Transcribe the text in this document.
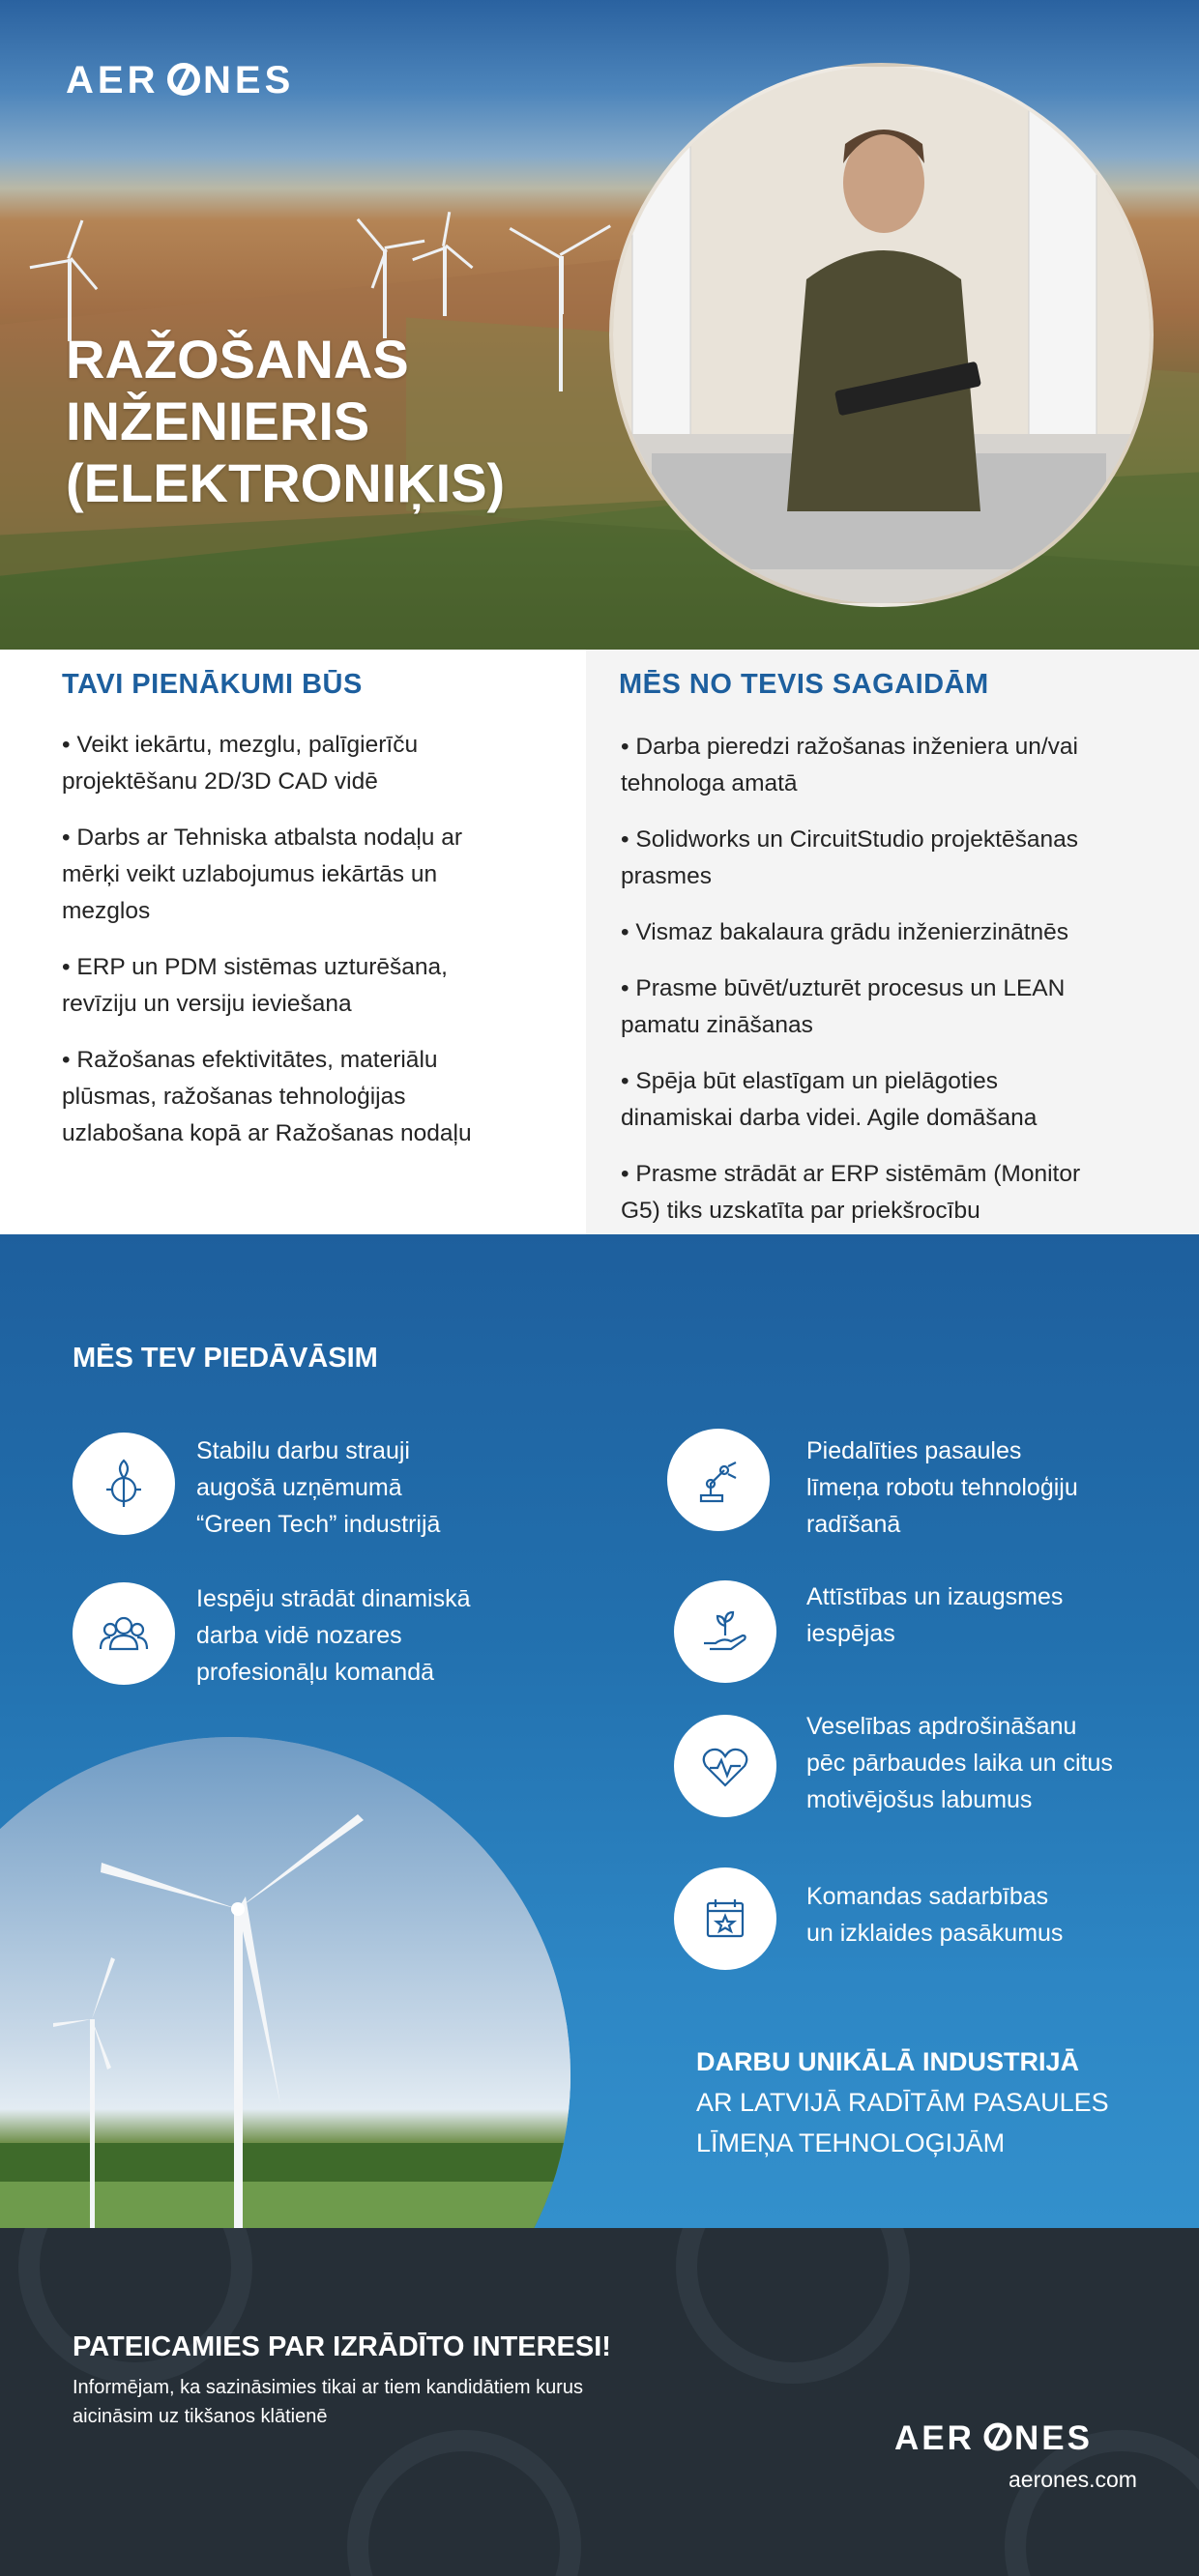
AER NES
RAŽOŠANAS
INŽENIERIS
(ELEKTRONIĶIS)
TAVI PIENĀKUMI BŪS
• Veikt iekārtu, mezglu, palīgierīču
projektēšanu 2D/3D CAD vidē
• Darbs ar Tehniska atbalsta nodaļu ar
mērķi veikt uzlabojumus iekārtās un
mezglos
• ERP un PDM sistēmas uzturēšana,
revīziju un versiju ieviešana
• Ražošanas efektivitātes, materiālu
plūsmas, ražošanas tehnoloģijas
uzlabošana kopā ar Ražošanas nodaļu
MĒS NO TEVIS SAGAIDĀM
• Darba pieredzi ražošanas inženiera un/vai
tehnologa amatā
• Solidworks un CircuitStudio projektēšanas
prasmes
• Vismaz bakalaura grādu inženierzinātnēs
• Prasme būvēt/uzturēt procesus un LEAN
pamatu zināšanas
• Spēja būt elastīgam un pielāgoties
dinamiskai darba videi. Agile domāšana
• Prasme strādāt ar ERP sistēmām (Monitor
G5) tiks uzskatīta par priekšrocību
MĒS TEV PIEDĀVĀSIM
Stabilu darbu strauji
augošā uzņēmumā
“Green Tech” industrijā
Iespēju strādāt dinamiskā
darba vidē nozares
profesionāļu komandā
Piedalīties pasaules
līmeņa robotu tehnoloģiju
radīšanā
Attīstības un izaugsmes
iespējas
Veselības apdrošināšanu
pēc pārbaudes laika un citus
motivējošus labumus
Komandas sadarbības
un izklaides pasākumus
DARBU UNIKĀLĀ INDUSTRIJĀ
AR LATVIJĀ RADĪTĀM PASAULES
LĪMEŅA TEHNOLOĢIJĀM
PATEICAMIES PAR IZRĀDĪTO INTERESI!
Informējam, ka sazināsimies tikai ar tiem kandidātiem kurus
aicināsim uz tikšanos klātienē
AER NES
aerones.com
